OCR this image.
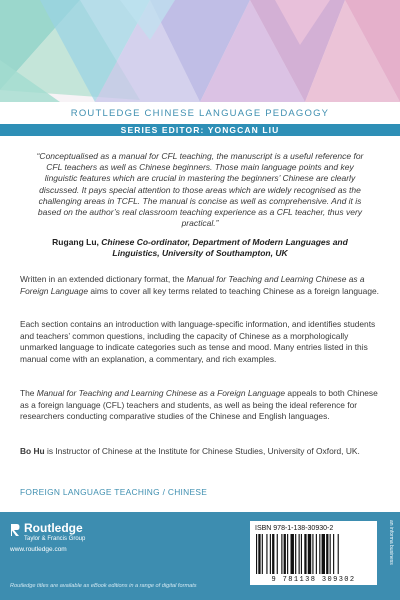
ROUTLEDGE CHINESE LANGUAGE PEDAGOGY
SERIES EDITOR: YONGCAN LIU
“Conceptualised as a manual for CFL teaching, the manuscript is a useful reference for CFL teachers as well as Chinese beginners. Those main language points and key linguistic features which are crucial in mastering the beginners’ Chinese are clearly discussed. It pays special attention to those areas which are widely recognised as the challenging areas in TCFL. The manual is concise as well as comprehensive. And it is based on the author’s real classroom teaching experience as a CFL teacher, thus very practical.”
Rugang Lu, Chinese Co-ordinator, Department of Modern Languages and Linguistics, University of Southampton, UK
Written in an extended dictionary format, the Manual for Teaching and Learning Chinese as a Foreign Language aims to cover all key terms related to teaching Chinese as a foreign language.
Each section contains an introduction with language-specific information, and identifies students and teachers’ common questions, including the capacity of Chinese as a morphologically unmarked language to indicate categories such as tense and mood. Many entries listed in this manual come with an explanation, a commentary, and rich examples.
The Manual for Teaching and Learning Chinese as a Foreign Language appeals to both Chinese as a foreign language (CFL) teachers and students, as well as being the ideal reference for researchers conducting comparative studies of the Chinese and English languages.
Bo Hu is Instructor of Chinese at the Institute for Chinese Studies, University of Oxford, UK.
FOREIGN LANGUAGE TEACHING / CHINESE
Routledge
Taylor & Francis Group
www.routledge.com
Routledge titles are available as eBook editions in a range of digital formats
ISBN 978-1-138-30930-2
9 781138 309302
an informa business
